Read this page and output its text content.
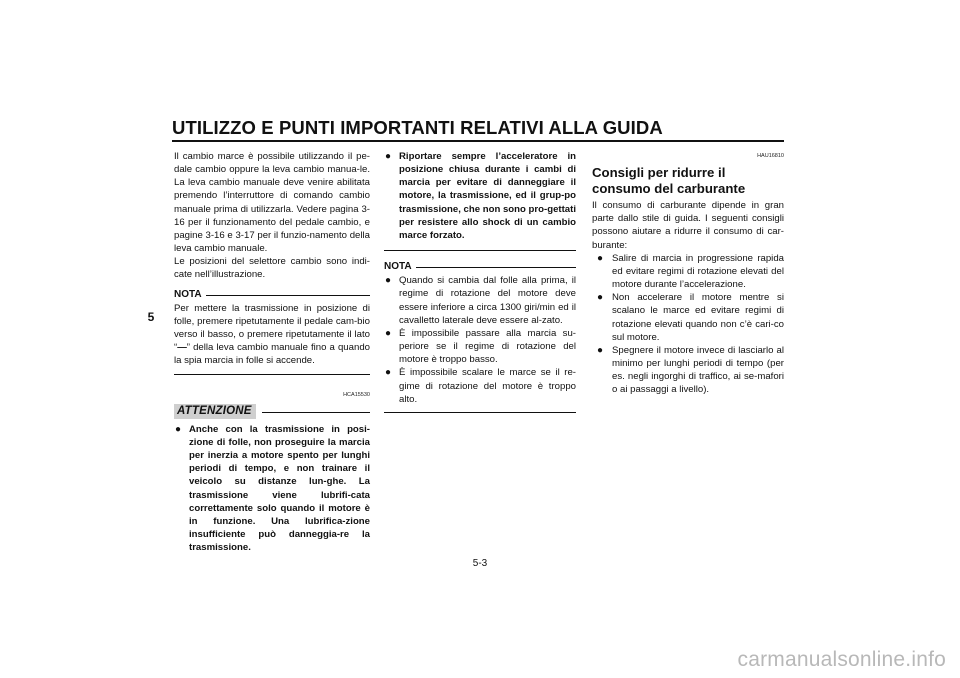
UTILIZZO E PUNTI IMPORTANTI RELATIVI ALLA GUIDA
5

Il cambio marce è possibile utilizzando il pe-dale cambio oppure la leva cambio manua-le. La leva cambio manuale deve venire abilitata premendo l’interruttore di comando cambio manuale prima di utilizzarla. Vedere pagina 3-16 per il funzionamento del pedale cambio, e pagine 3-16 e 3-17 per il funzio-namento della leva cambio manuale.

Le posizioni del selettore cambio sono indi-cate nell’illustrazione.

NOTA

Per mettere la trasmissione in posizione di folle, premere ripetutamente il pedale cam-bio verso il basso, o premere ripetutamente il lato “—” della leva cambio manuale fino a quando la spia marcia in folle si accende.

HCA15530
ATTENZIONE
● Anche con la trasmissione in posi-zione di folle, non proseguire la marcia per inerzia a motore spento per lunghi periodi di tempo, e non trainare il veicolo su distanze lun-ghe. La trasmissione viene lubrifi-cata correttamente solo quando il motore è in funzione. Una lubrifica-zione insufficiente può danneggia-re la trasmissione.
● Riportare sempre l’acceleratore in posizione chiusa durante i cambi di marcia per evitare di danneggiare il motore, la trasmissione, ed il grup-po trasmissione, che non sono pro-gettati per resistere allo shock di un cambio marce forzato.
NOTA
● Quando si cambia dal folle alla prima, il regime di rotazione del motore deve essere inferiore a circa 1300 giri/min ed il cavalletto laterale deve essere al-zato.
● È impossibile passare alla marcia su-periore se il regime di rotazione del motore è troppo basso.
● È impossibile scalare le marce se il re-gime di rotazione del motore è troppo alto.
HAU16810
Consigli per ridurre il consumo del carburante

Il consumo di carburante dipende in gran parte dallo stile di guida. I seguenti consigli possono aiutare a ridurre il consumo di car-burante:

● Salire di marcia in progressione rapida ed evitare regimi di rotazione elevati del motore durante l’accelerazione.
● Non accelerare il motore mentre si scalano le marce ed evitare regimi di rotazione elevati quando non c’è cari-co sul motore.
● Spegnere il motore invece di lasciarlo al minimo per lunghi periodi di tempo (per es. negli ingorghi di traffico, ai se-mafori o ai passaggi a livello).
5-3
carmanualsonline.info
